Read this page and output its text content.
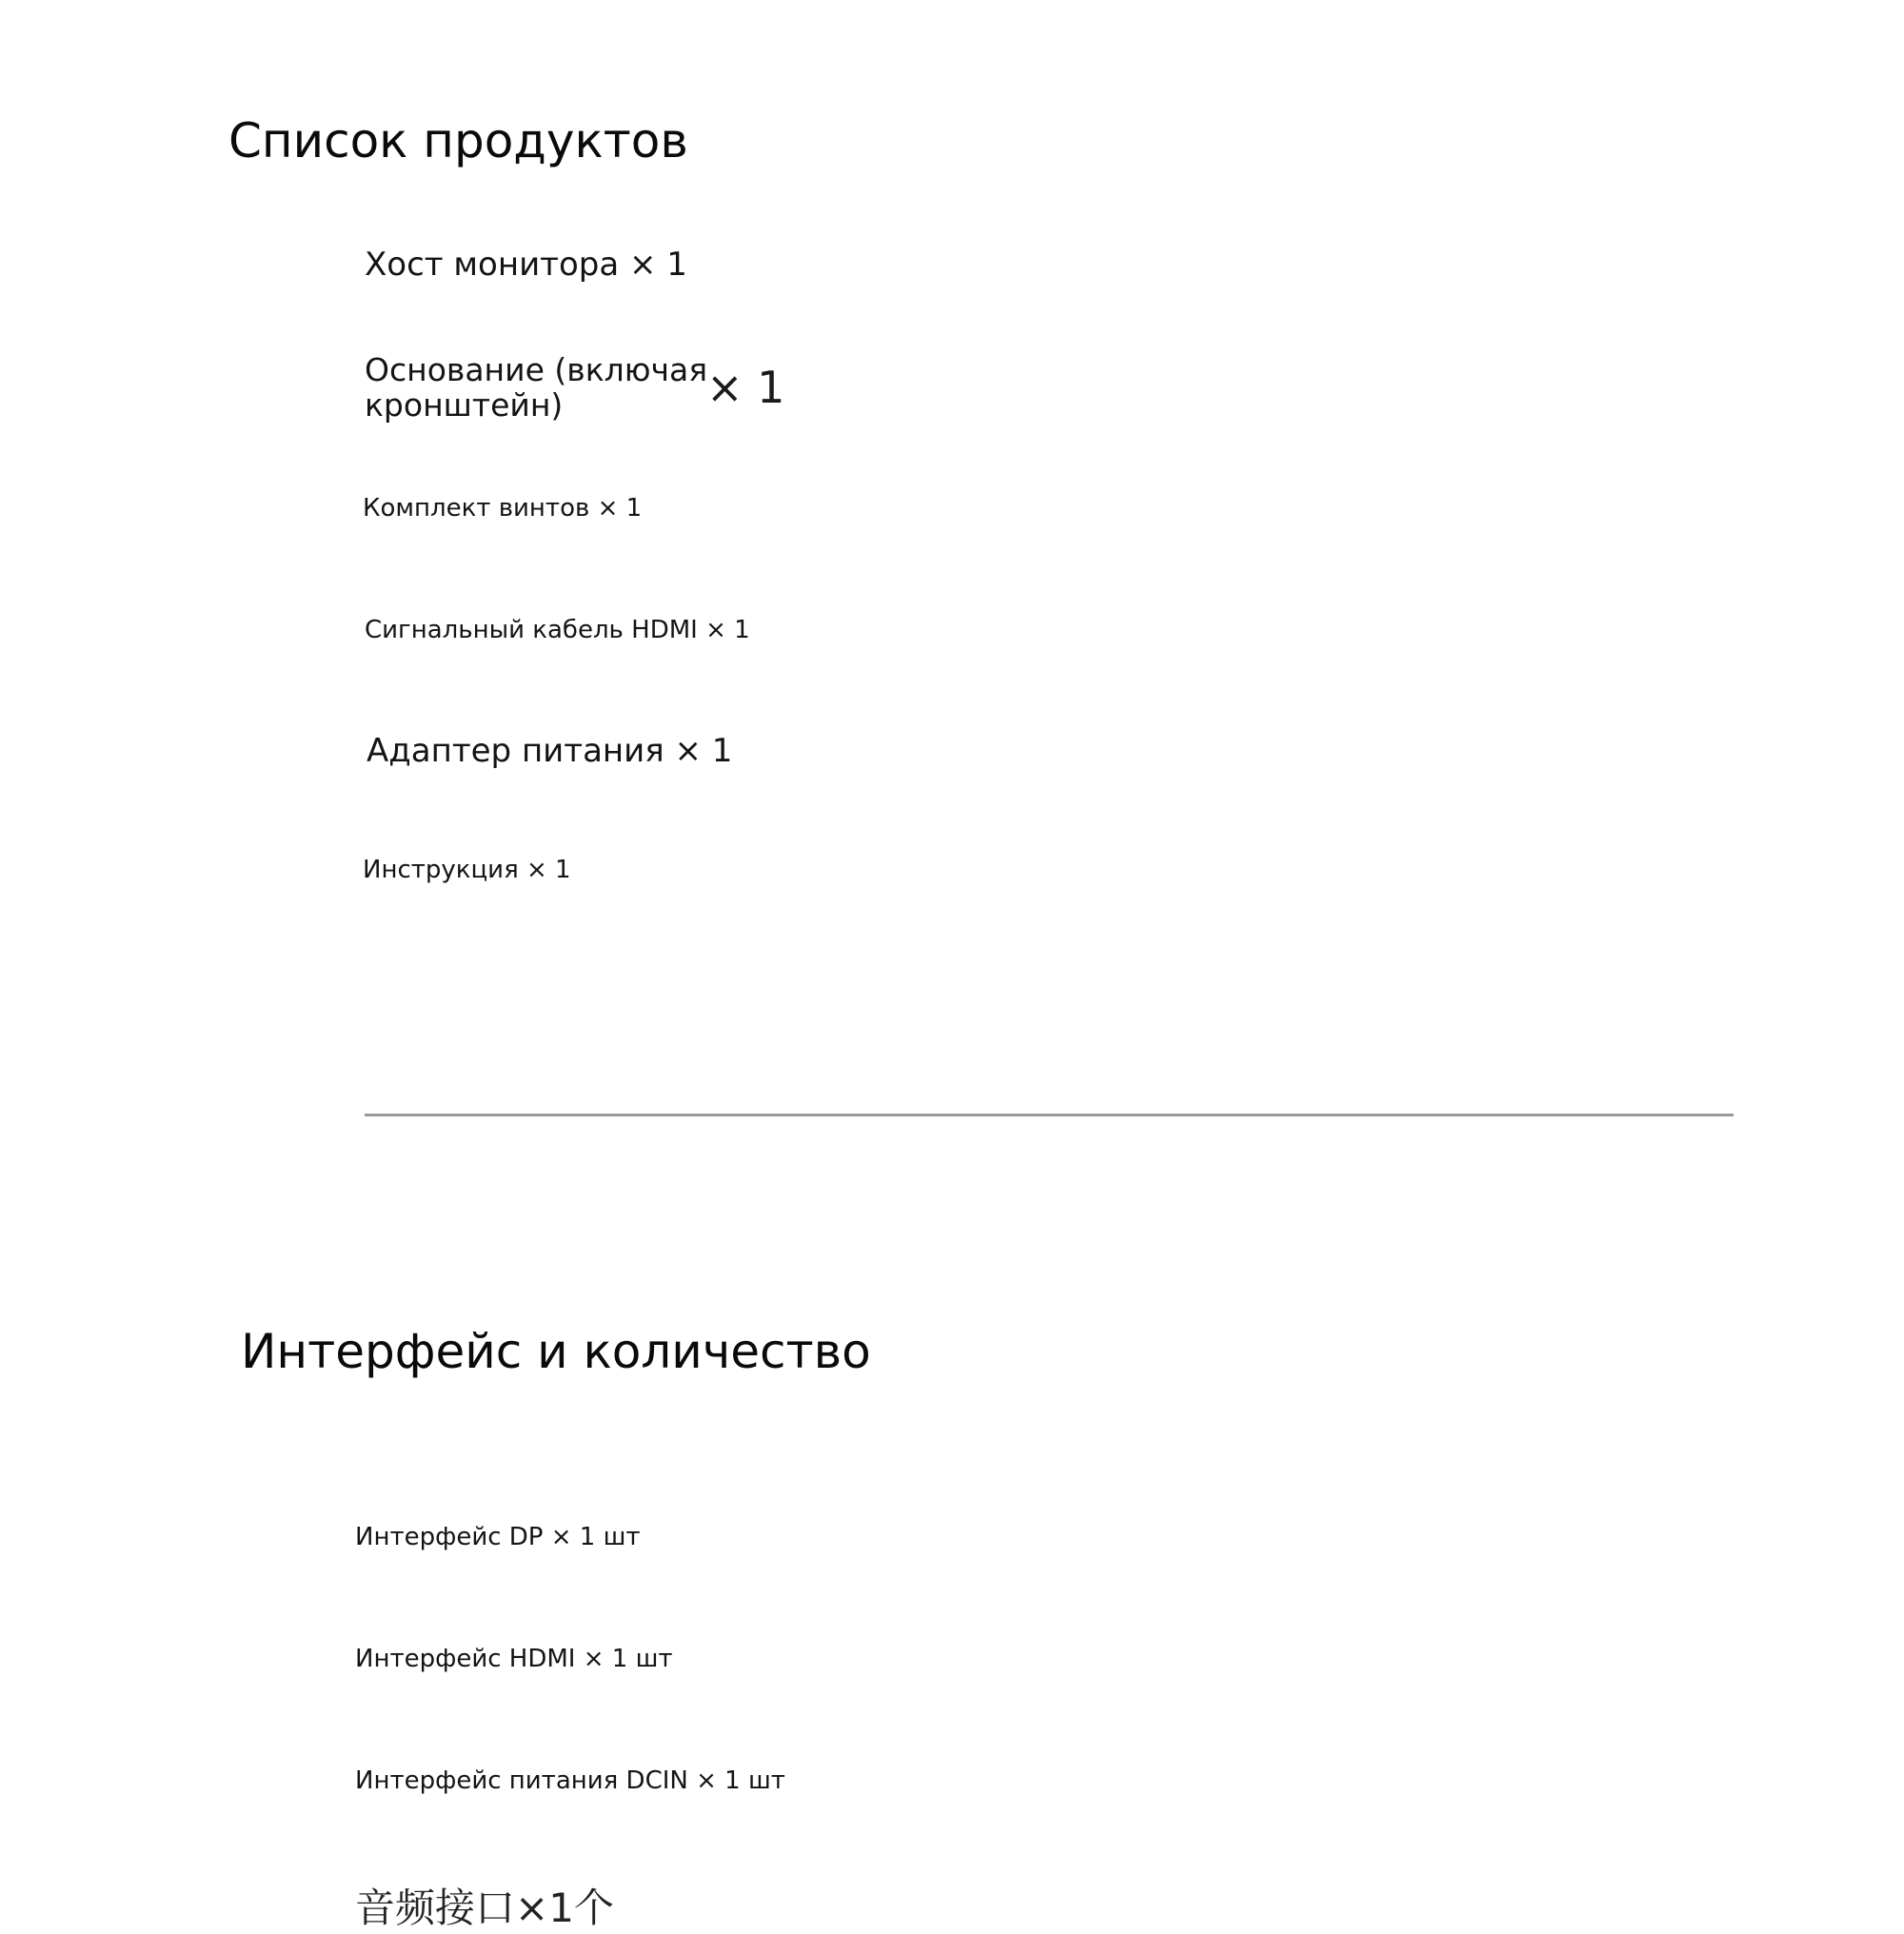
Список продуктов
Хост монитора × 1
Основание (включая
кронштейн)	× 1
Комплект винтов × 1
Сигнальный кабель HDMI × 1
Адаптер питания × 1
Инструкция × 1
Интерфейс и количество
Интерфейс DP × 1 шт
Интерфейс HDMI × 1 шт
Интерфейс питания DCIN × 1 шт
音频接口×1个
